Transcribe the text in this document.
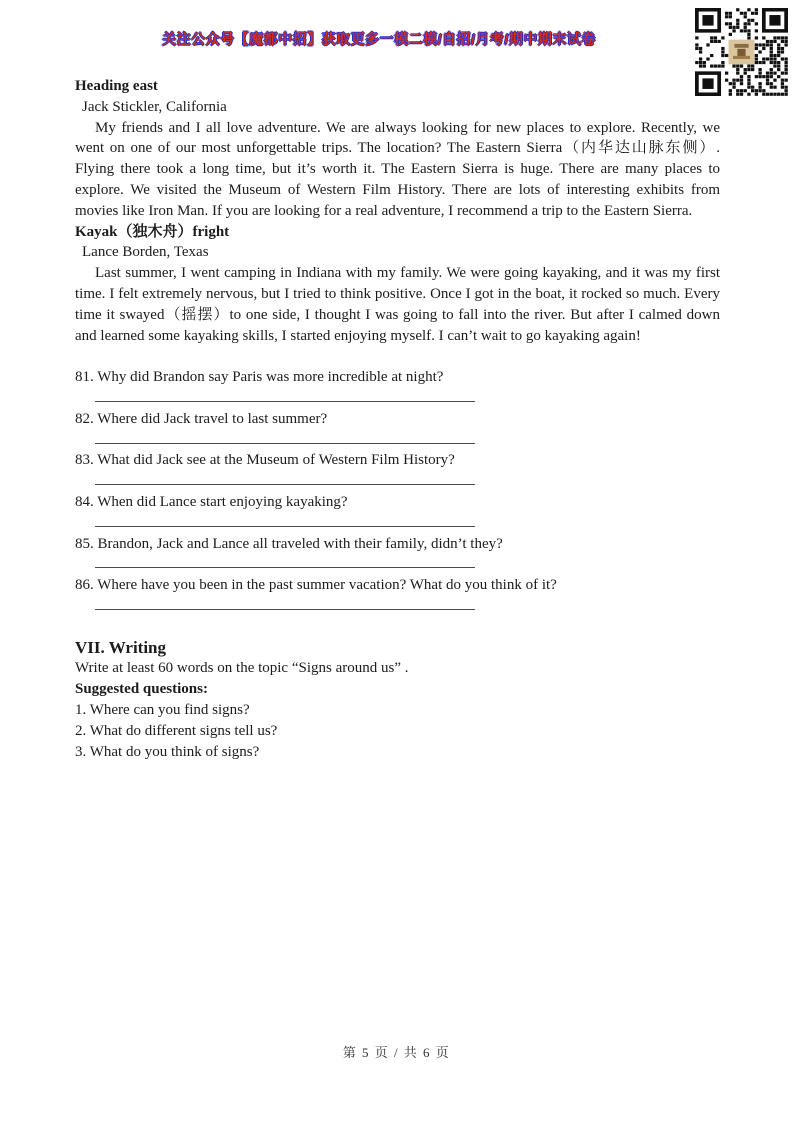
关注公众号【魔都中招】获取更多一模二模/自招/月考/期中期末试卷

Heading east

Jack Stickler, California

My friends and I all love adventure. We are always looking for new places to explore. Recently, we went on one of our most unforgettable trips. The location? The Eastern Sierra（内华达山脉东侧）. Flying there took a long time, but it’s worth it. The Eastern Sierra is huge. There are many places to explore. We visited the Museum of Western Film History. There are lots of interesting exhibits from movies like Iron Man. If you are looking for a real adventure, I recommend a trip to the Eastern Sierra.

Kayak（独木舟）fright

Lance Borden, Texas

Last summer, I went camping in Indiana with my family. We were going kayaking, and it was my first time. I felt extremely nervous, but I tried to think positive. Once I got in the boat, it rocked so much. Every time it swayed（摇摆）to one side, I thought I was going to fall into the river. But after I calmed down and learned some kayaking skills, I started enjoying myself. I can’t wait to go kayaking again!

81. Why did Brandon say Paris was more incredible at night?

82. Where did Jack travel to last summer?

83. What did Jack see at the Museum of Western Film History?

84. When did Lance start enjoying kayaking?

85. Brandon, Jack and Lance all traveled with their family, didn’t they?

86. Where have you been in the past summer vacation? What do you think of it?

VII. Writing

Write at least 60 words on the topic “Signs around us” .

Suggested questions:

1. Where can you find signs?

2. What do different signs tell us?

3. What do you think of signs?

第 5 页 / 共 6 页
